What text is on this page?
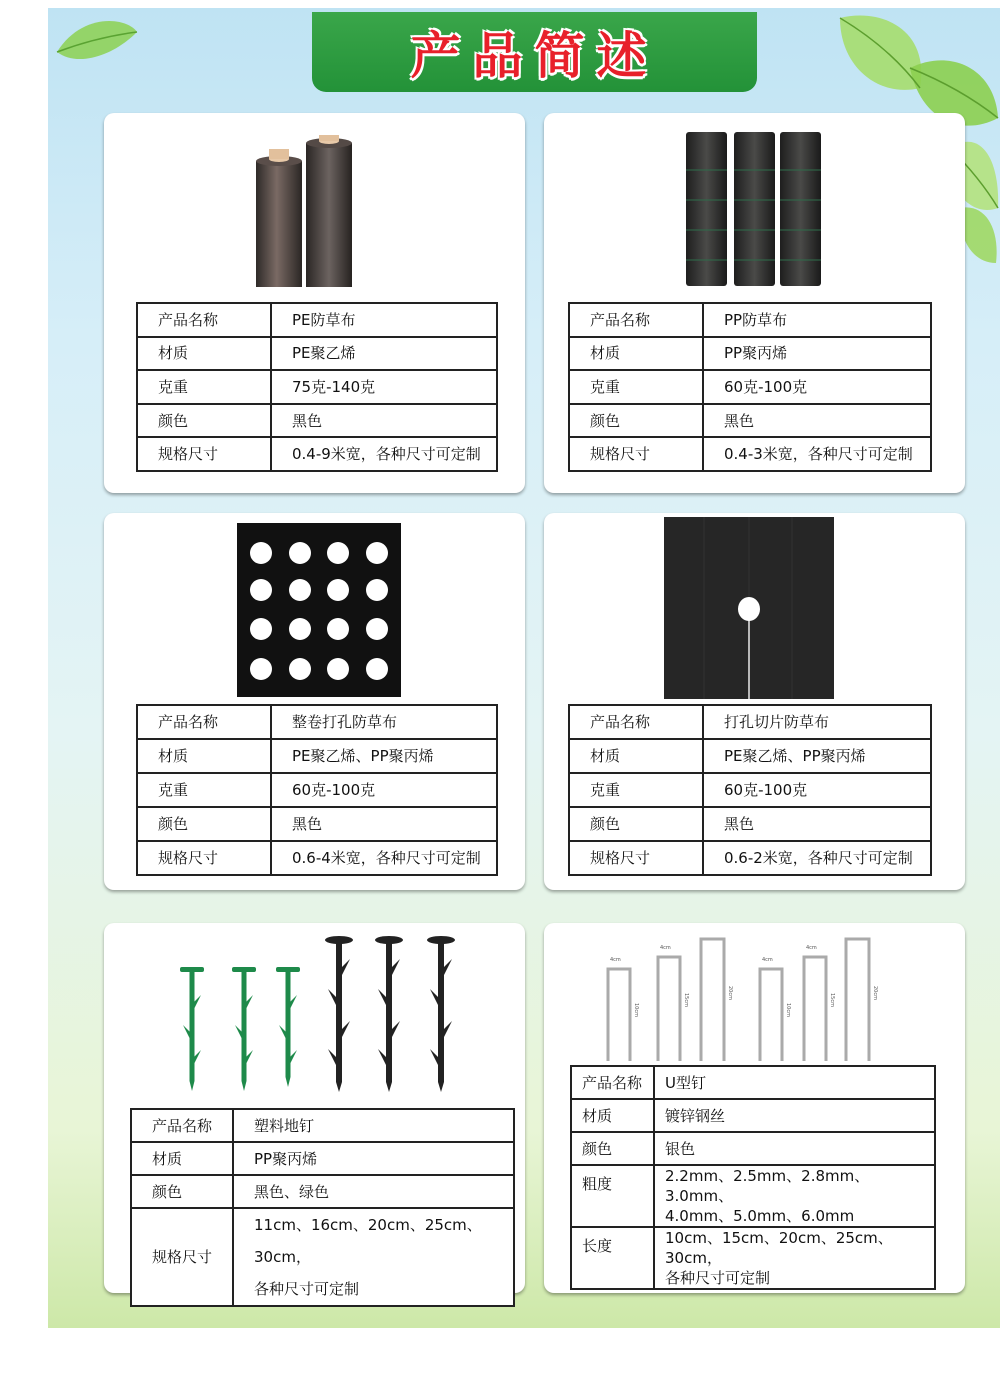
产品简述
产品名称	PE防草布
材质	PE聚乙烯
克重	75克-140克
颜色	黑色
规格尺寸	0.4-9米宽，各种尺寸可定制
产品名称	PP防草布
材质	PP聚丙烯
克重	60克-100克
颜色	黑色
规格尺寸	0.4-3米宽，各种尺寸可定制
产品名称	整卷打孔防草布
材质	PE聚乙烯、PP聚丙烯
克重	60克-100克
颜色	黑色
规格尺寸	0.6-4米宽，各种尺寸可定制
产品名称	打孔切片防草布
材质	PE聚乙烯、PP聚丙烯
克重	60克-100克
颜色	黑色
规格尺寸	0.6-2米宽，各种尺寸可定制
产品名称	塑料地钉
材质	PP聚丙烯
颜色	黑色、绿色
规格尺寸	11cm、16cm、20cm、25cm、30cm，
各种尺寸可定制
4cm
4cm
4cm
4cm
10cm
15cm
20cm
10cm
15cm
20cm
产品名称	U型钉
材质	镀锌钢丝
颜色	银色
粗度	2.2mm、2.5mm、2.8mm、3.0mm、
4.0mm、5.0mm、6.0mm

长度	10cm、15cm、20cm、25cm、30cm，
各种尺寸可定制
